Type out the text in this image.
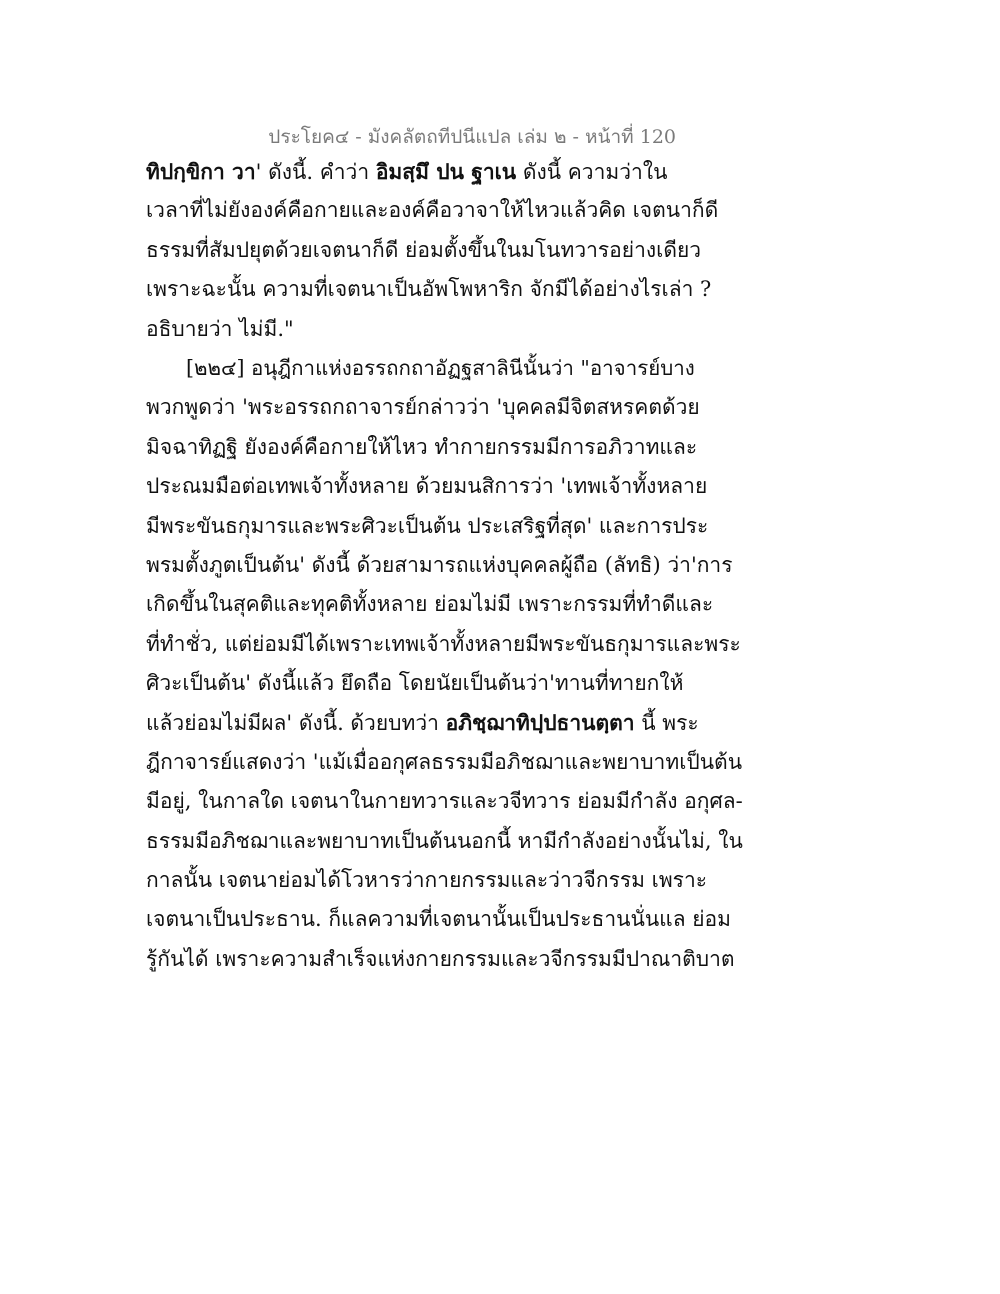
ประโยค๔ - มังคลัตถทีปนีแปล เล่ม ๒ - หน้าที่ 120
ทิปกฺขิกา วา' ดังนี้. คำว่า อิมสฺมึ ปน ฐาเน ดังนี้ ความว่าใน
เวลาที่ไม่ยังองค์คือกายและองค์คือวาจาให้ไหวแล้วคิด เจตนาก็ดี
ธรรมที่สัมปยุตด้วยเจตนาก็ดี ย่อมตั้งขึ้นในมโนทวารอย่างเดียว
เพราะฉะนั้น ความที่เจตนาเป็นอัพโพหาริก จักมีได้อย่างไรเล่า ?
อธิบายว่า ไม่มี."
[๒๒๔] อนุฎีกาแห่งอรรถกถาอัฏฐสาลินีนั้นว่า "อาจารย์บาง
พวกพูดว่า 'พระอรรถกถาจารย์กล่าวว่า 'บุคคลมีจิตสหรคตด้วย
มิจฉาทิฏฐิ ยังองค์คือกายให้ไหว ทำกายกรรมมีการอภิวาทและ
ประณมมือต่อเทพเจ้าทั้งหลาย ด้วยมนสิการว่า 'เทพเจ้าทั้งหลาย
มีพระขันธกุมารและพระศิวะเป็นต้น ประเสริฐที่สุด' และการประ
พรมตั้งภูตเป็นต้น' ดังนี้ ด้วยสามารถแห่งบุคคลผู้ถือ (ลัทธิ) ว่า'การ
เกิดขึ้นในสุคติและทุคติทั้งหลาย ย่อมไม่มี เพราะกรรมที่ทำดีและ
ที่ทำชั่ว, แต่ย่อมมีได้เพราะเทพเจ้าทั้งหลายมีพระขันธกุมารและพระ
ศิวะเป็นต้น' ดังนี้แล้ว ยึดถือ โดยนัยเป็นต้นว่า'ทานที่ทายกให้
แล้วย่อมไม่มีผล' ดังนี้. ด้วยบทว่า อภิชฺฌาทิปฺปธานตฺตา นี้ พระ
ฎีกาจารย์แสดงว่า 'แม้เมื่ออกุศลธรรมมีอภิชฌาและพยาบาทเป็นต้น
มีอยู่, ในกาลใด เจตนาในกายทวารและวจีทวาร ย่อมมีกำลัง อกุศล-
ธรรมมีอภิชฌาและพยาบาทเป็นต้นนอกนี้ หามีกำลังอย่างนั้นไม่, ใน
กาลนั้น เจตนาย่อมได้โวหารว่ากายกรรมและว่าวจีกรรม เพราะ
เจตนาเป็นประธาน. ก็แลความที่เจตนานั้นเป็นประธานนั่นแล ย่อม
รู้กันได้ เพราะความสำเร็จแห่งกายกรรมและวจีกรรมมีปาณาติบาต
